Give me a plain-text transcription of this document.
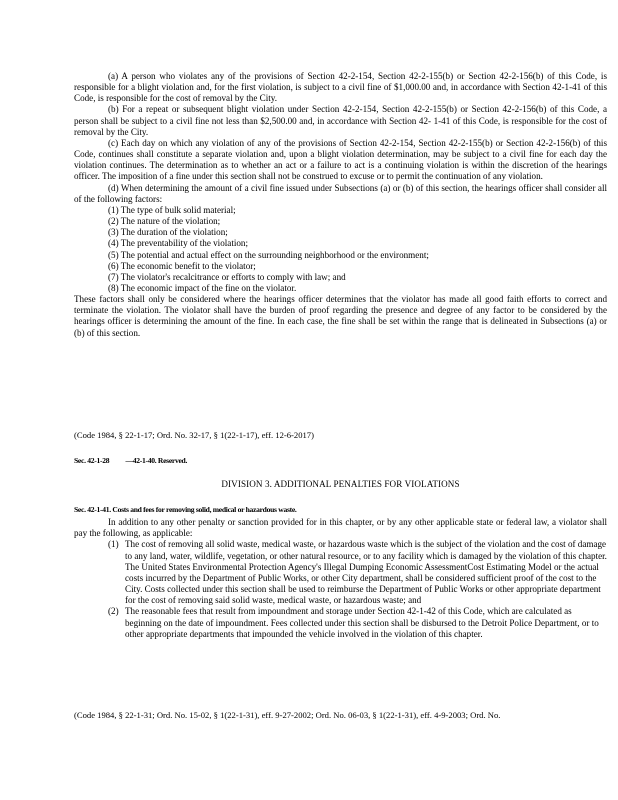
(a) A person who violates any of the provisions of Section 42-2-154, Section 42-2-155(b) or Section 42-2-156(b) of this Code, is responsible for a blight violation and, for the first violation, is subject to a civil fine of $1,000.00 and, in accordance with Section 42-1-41 of this Code, is responsible for the cost of removal by the City.

(b) For a repeat or subsequent blight violation under Section 42-2-154, Section 42-2-155(b) or Section 42-2-156(b) of this Code, a person shall be subject to a civil fine not less than $2,500.00 and, in accordance with Section 42- 1-41 of this Code, is responsible for the cost of removal by the City.

(c) Each day on which any violation of any of the provisions of Section 42-2-154, Section 42-2-155(b) or Section 42-2-156(b) of this Code, continues shall constitute a separate violation and, upon a blight violation determination, may be subject to a civil fine for each day the violation continues. The determination as to whether an act or a failure to act is a continuing violation is within the discretion of the hearings officer. The imposition of a fine under this section shall not be construed to excuse or to permit the continuation of any violation.

(d) When determining the amount of a civil fine issued under Subsections (a) or (b) of this section, the hearings officer shall consider all of the following factors:

(1) The type of bulk solid material;
(2) The nature of the violation;
(3) The duration of the violation;
(4) The preventability of the violation;
(5) The potential and actual effect on the surrounding neighborhood or the environment;
(6) The economic benefit to the violator;
(7) The violator's recalcitrance or efforts to comply with law; and
(8) The economic impact of the fine on the violator.

These factors shall only be considered where the hearings officer determines that the violator has made all good faith efforts to correct and terminate the violation. The violator shall have the burden of proof regarding the presence and degree of any factor to be considered by the hearings officer is determining the amount of the fine. In each case, the fine shall be set within the range that is delineated in Subsections (a) or (b) of this section.

(Code 1984, § 22-1-17; Ord. No. 32-17, § 1(22-1-17), eff. 12-6-2017)
Sec. 42-1-28 —42-1-40. Reserved.
DIVISION 3. ADDITIONAL PENALTIES FOR VIOLATIONS
Sec. 42-1-41. Costs and fees for removing solid, medical or hazardous waste.

In addition to any other penalty or sanction provided for in this chapter, or by any other applicable state or federal law, a violator shall pay the following, as applicable:

(1) The cost of removing all solid waste, medical waste, or hazardous waste which is the subject of the violation and the cost of damage to any land, water, wildlife, vegetation, or other natural resource, or to any facility which is damaged by the violation of this chapter. The United States Environmental Protection Agency's Illegal Dumping Economic AssessmentCost Estimating Model or the actual costs incurred by the Department of Public Works, or other City department, shall be considered sufficient proof of the cost to the City. Costs collected under this section shall be used to reimburse the Department of Public Works or other appropriate department for the cost of removing said solid waste, medical waste, or hazardous waste; and
(2) The reasonable fees that result from impoundment and storage under Section 42-1-42 of this Code, which are calculated as beginning on the date of impoundment. Fees collected under this section shall be disbursed to the Detroit Police Department, or to other appropriate departments that impounded the vehicle involved in the violation of this chapter.
(Code 1984, § 22-1-31; Ord. No. 15-02, § 1(22-1-31), eff. 9-27-2002; Ord. No. 06-03, § 1(22-1-31), eff. 4-9-2003; Ord. No.
